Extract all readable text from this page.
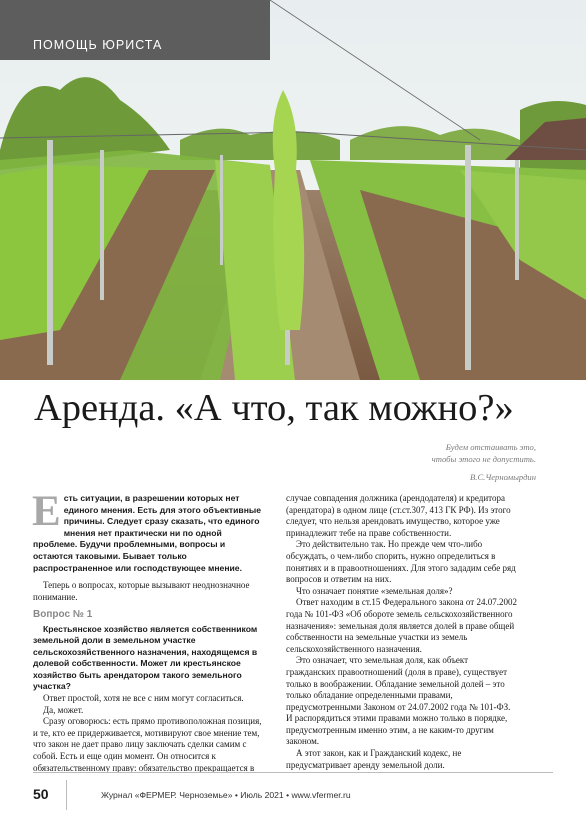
ПОМОЩЬ ЮРИСТА
Аренда. «А что, так можно?»
Будем отстаивать это,
чтобы этого не допустить.
В.С.Черномырдин

Есть ситуации, в разрешении которых нет единого мнения. Есть для этого объективные причины. Следует сразу сказать, что единого мнения нет практически ни по одной проблеме. Будучи проблемными, вопросы и остаются таковыми. Бывает только распространенное или господствующее мнение.

Теперь о вопросах, которые вызывают неоднозначное понимание.

Вопрос № 1

Крестьянское хозяйство является собственником земельной доли в земельном участке сельскохозяйственного назначения, находящемся в долевой собственности. Может ли крестьянское хозяйство быть арендатором такого земельного участка?

Ответ простой, хотя не все с ним могут согласиться.

Да, может.

Сразу оговорюсь: есть прямо противоположная позиция, и те, кто ее придерживается, мотивируют свое мнение тем, что закон не дает право лицу заключать сделки самим с собой. Есть и еще один момент. Он относится к обязательственному праву: обязательство прекращается в

случае совпадения должника (арендодателя) и кредитора (арендатора) в одном лице (ст.ст.307, 413 ГК РФ). Из этого следует, что нельзя арендовать имущество, которое уже принадлежит тебе на праве собственности.

Это действительно так. Но прежде чем что-либо обсуждать, о чем-либо спорить, нужно определиться в понятиях и в правоотношениях. Для этого зададим себе ряд вопросов и ответим на них.

Что означает понятие «земельная доля»?

Ответ находим в ст.15 Федерального закона от 24.07.2002 года № 101-ФЗ «Об обороте земель сельскохозяйственного назначения»: земельная доля является долей в праве общей собственности на земельные участки из земель сельскохозяйственного назначения.

Это означает, что земельная доля, как объект гражданских правоотношений (доля в праве), существует только в воображении. Обладание земельной долей – это только обладание определенными правами, предусмотренными Законом от 24.07.2002 года № 101-ФЗ. И распорядиться этими правами можно только в порядке, предусмотренным именно этим, а не каким-то другим законом.

А этот закон, как и Гражданский кодекс, не предусматривает аренду земельной доли.

50	Журнал «ФЕРМЕР. Черноземье» • Июль 2021 • www.vfermer.ru
